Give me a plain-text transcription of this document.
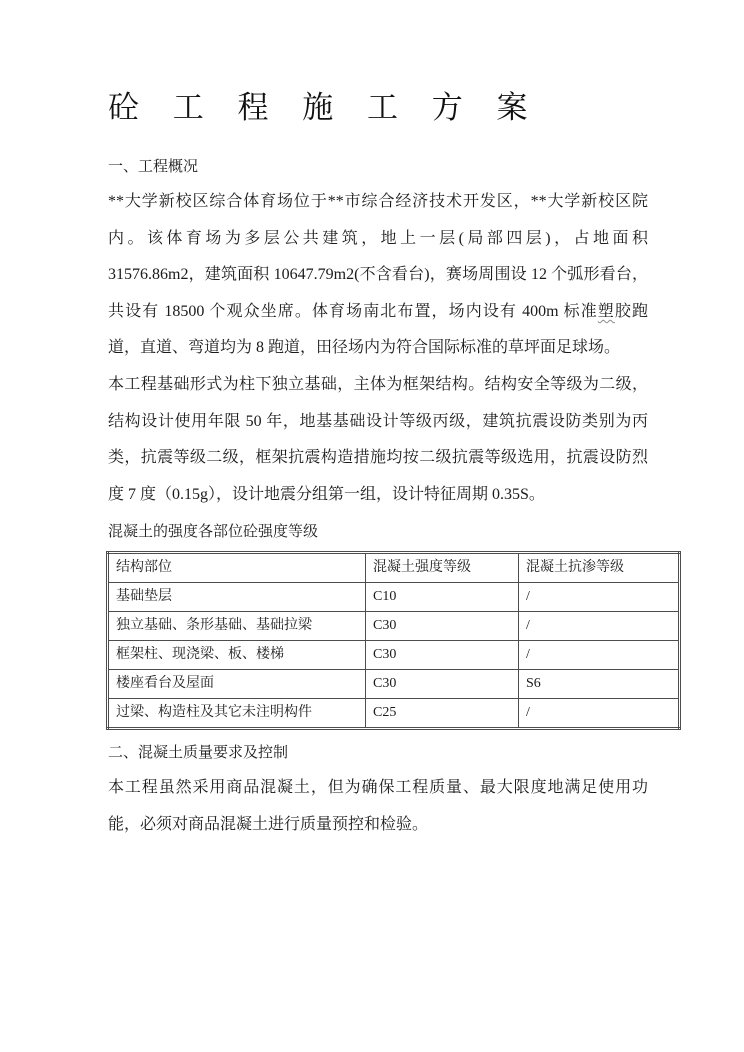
砼 工 程 施 工 方 案
一、工程概况

**大学新校区综合体育场位于**市综合经济技术开发区，**大学新校区院内。该体育场为多层公共建筑，地上一层(局部四层)，占地面积 31576.86m2，建筑面积 10647.79m2(不含看台)，赛场周围设 12 个弧形看台，共设有 18500 个观众坐席。体育场南北布置，场内设有 400m 标准塑胶跑道，直道、弯道均为 8 跑道，田径场内为符合国际标准的草坪面足球场。

本工程基础形式为柱下独立基础，主体为框架结构。结构安全等级为二级，结构设计使用年限 50 年，地基基础设计等级丙级，建筑抗震设防类别为丙类，抗震等级二级，框架抗震构造措施均按二级抗震等级选用，抗震设防烈度 7 度（0.15g），设计地震分组第一组，设计特征周期 0.35S。

混凝土的强度各部位砼强度等级

结构部位	混凝土强度等级	混凝土抗渗等级
基础垫层	C10	/
独立基础、条形基础、基础拉梁	C30	/
框架柱、现浇梁、板、楼梯	C30	/
楼座看台及屋面	C30	S6
过梁、构造柱及其它未注明构件	C25	/
二、混凝土质量要求及控制

本工程虽然采用商品混凝土，但为确保工程质量、最大限度地满足使用功能，必须对商品混凝土进行质量预控和检验。
